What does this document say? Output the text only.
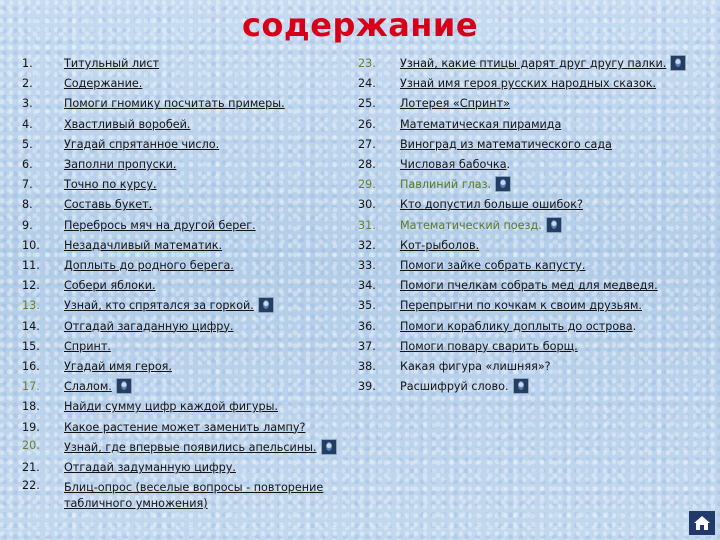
содержание
1.	Титульный лист
2.	Содержание.
3.	Помоги гномику посчитать примеры.
4.	Хвастливый воробей.
5.	Угадай спрятанное число.
6.	Заполни пропуски.
7.	Точно по курсу.
8.	Составь букет.
9.	Перебрось мяч на другой берег.
10.	Незадачливый математик.
11.	Доплыть до родного берега.
12.	Собери яблоки.
13.	Узнай, кто спрятался за горкой.
14.	Отгадай загаданную цифру.
15.	Спринт.
16.	Угадай имя героя.
17.	Слалом.
18.	Найди сумму цифр каждой фигуры.
19.	Какое растение может заменить лампу?
20.	Узнай, где впервые появились апельсины.
21.	Отгадай задуманную цифру.
22.	Блиц-опрос (веселые вопросы - повторение табличного умножения)
23.	Узнай, какие птицы дарят друг другу палки.
24.	Узнай имя героя русских народных сказок.
25.	Лотерея «Спринт»
26.	Математическая пирамида
27.	Виноград из математического сада
28.	Числовая бабочка.
29.	Павлиний глаз.
30.	Кто допустил больше ошибок?
31.	Математический поезд.
32.	Кот-рыболов.
33.	Помоги зайке собрать капусту.
34.	Помоги пчелкам собрать мед для медведя.
35.	Перепрыгни по кочкам к своим друзьям.
36.	Помоги кораблику доплыть до острова.
37.	Помоги повару сварить борщ.
38.	Какая фигура «лишняя»?
39.	Расшифруй слово.
